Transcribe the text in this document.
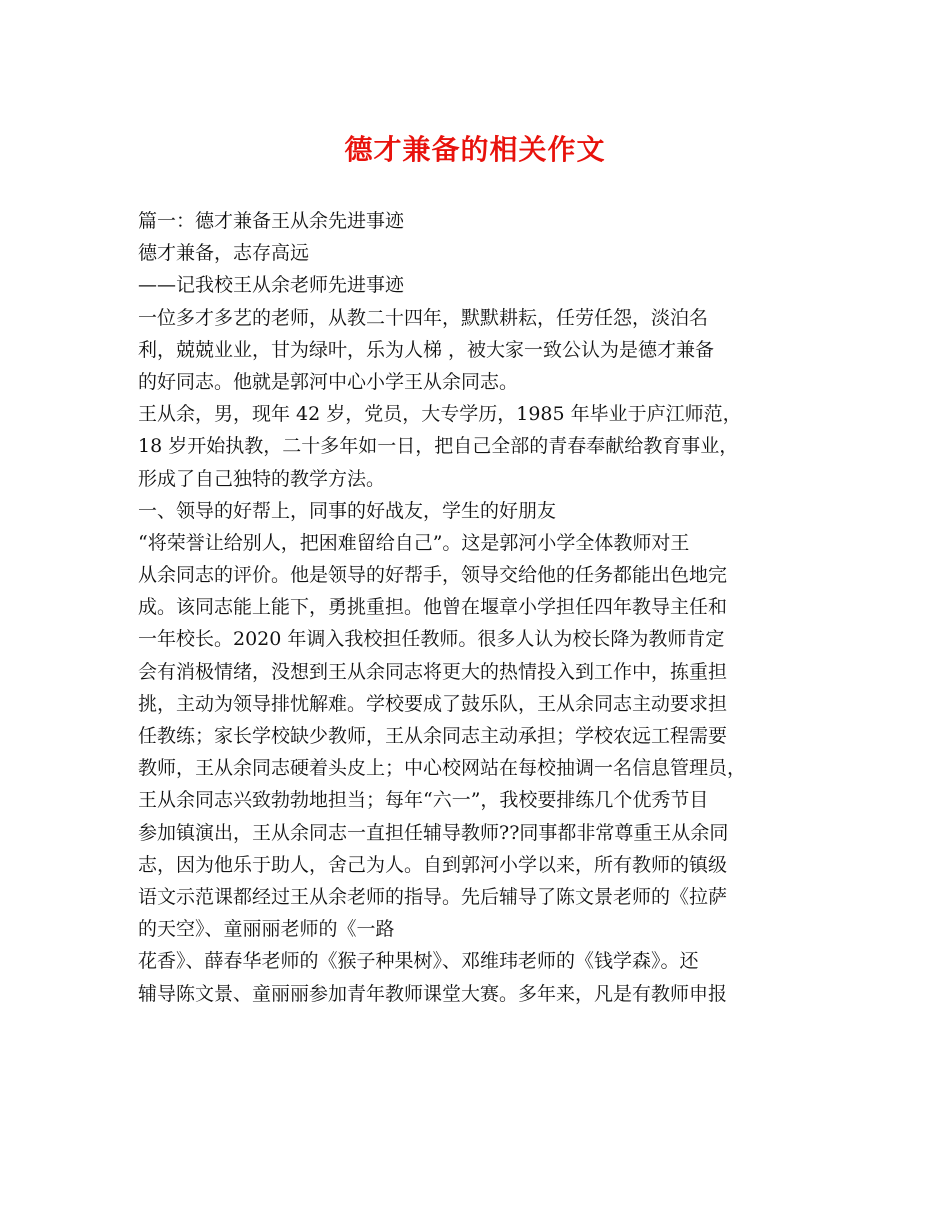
德才兼备的相关作文
篇一：德才兼备王从余先进事迹
德才兼备，志存高远
——记我校王从余老师先进事迹
一位多才多艺的老师，从教二十四年，默默耕耘，任劳任怨，淡泊名
利，兢兢业业，甘为绿叶，乐为人梯 ，被大家一致公认为是德才兼备
的好同志。他就是郭河中心小学王从余同志。
王从余，男，现年 42 岁，党员，大专学历，1985 年毕业于庐江师范，
18 岁开始执教，二十多年如一日，把自己全部的青春奉献给教育事业，
形成了自己独特的教学方法。
一、领导的好帮上，同事的好战友，学生的好朋友
“将荣誉让给别人，把困难留给自己”。这是郭河小学全体教师对王
从余同志的评价。他是领导的好帮手，领导交给他的任务都能出色地完
成。该同志能上能下，勇挑重担。他曾在堰章小学担任四年教导主任和
一年校长。2020 年调入我校担任教师。很多人认为校长降为教师肯定
会有消极情绪，没想到王从余同志将更大的热情投入到工作中，拣重担
挑，主动为领导排忧解难。学校要成了鼓乐队，王从余同志主动要求担
任教练；家长学校缺少教师，王从余同志主动承担；学校农远工程需要
教师，王从余同志硬着头皮上；中心校网站在每校抽调一名信息管理员，
王从余同志兴致勃勃地担当；每年“六一”，我校要排练几个优秀节目
参加镇演出，王从余同志一直担任辅导教师??同事都非常尊重王从余同
志，因为他乐于助人，舍己为人。自到郭河小学以来，所有教师的镇级
语文示范课都经过王从余老师的指导。先后辅导了陈文景老师的《拉萨
的天空》、童丽丽老师的《一路
花香》、薛春华老师的《猴子种果树》、邓维玮老师的《钱学森》。还
辅导陈文景、童丽丽参加青年教师课堂大赛。多年来，凡是有教师申报
